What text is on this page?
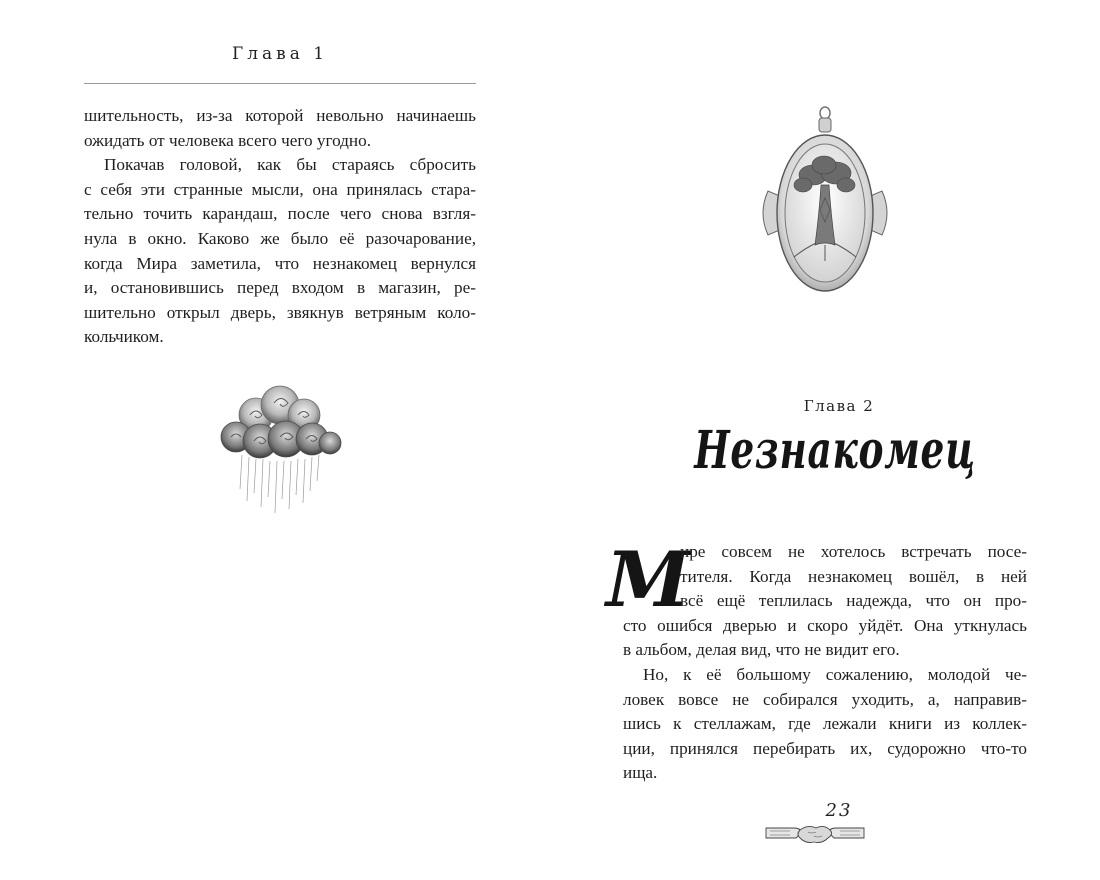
Глава 1

шительность, из-за которой невольно начинаешь
ожидать от человека всего чего угодно.

Покачав головой, как бы стараясь сбросить
с себя эти странные мысли, она принялась стара-
тельно точить карандаш, после чего снова взгля-
нула в окно. Каково же было её разочарование,
когда Мира заметила, что незнакомец вернулся
и, остановившись перед входом в магазин, ре-
шительно открыл дверь, звякнув ветряным коло-
кольчиком.

Глава 2
Незнакомец
М

ире совсем не хотелось встречать посе-
тителя. Когда незнакомец вошёл, в ней
всё ещё теплилась надежда, что он про-
сто ошибся дверью и скоро уйдёт. Она уткнулась
в альбом, делая вид, что не видит его.

Но, к её большому сожалению, молодой че-
ловек вовсе не собирался уходить, а, направив-
шись к стеллажам, где лежали книги из коллек-
ции, принялся перебирать их, судорожно что-то
ища.

23
